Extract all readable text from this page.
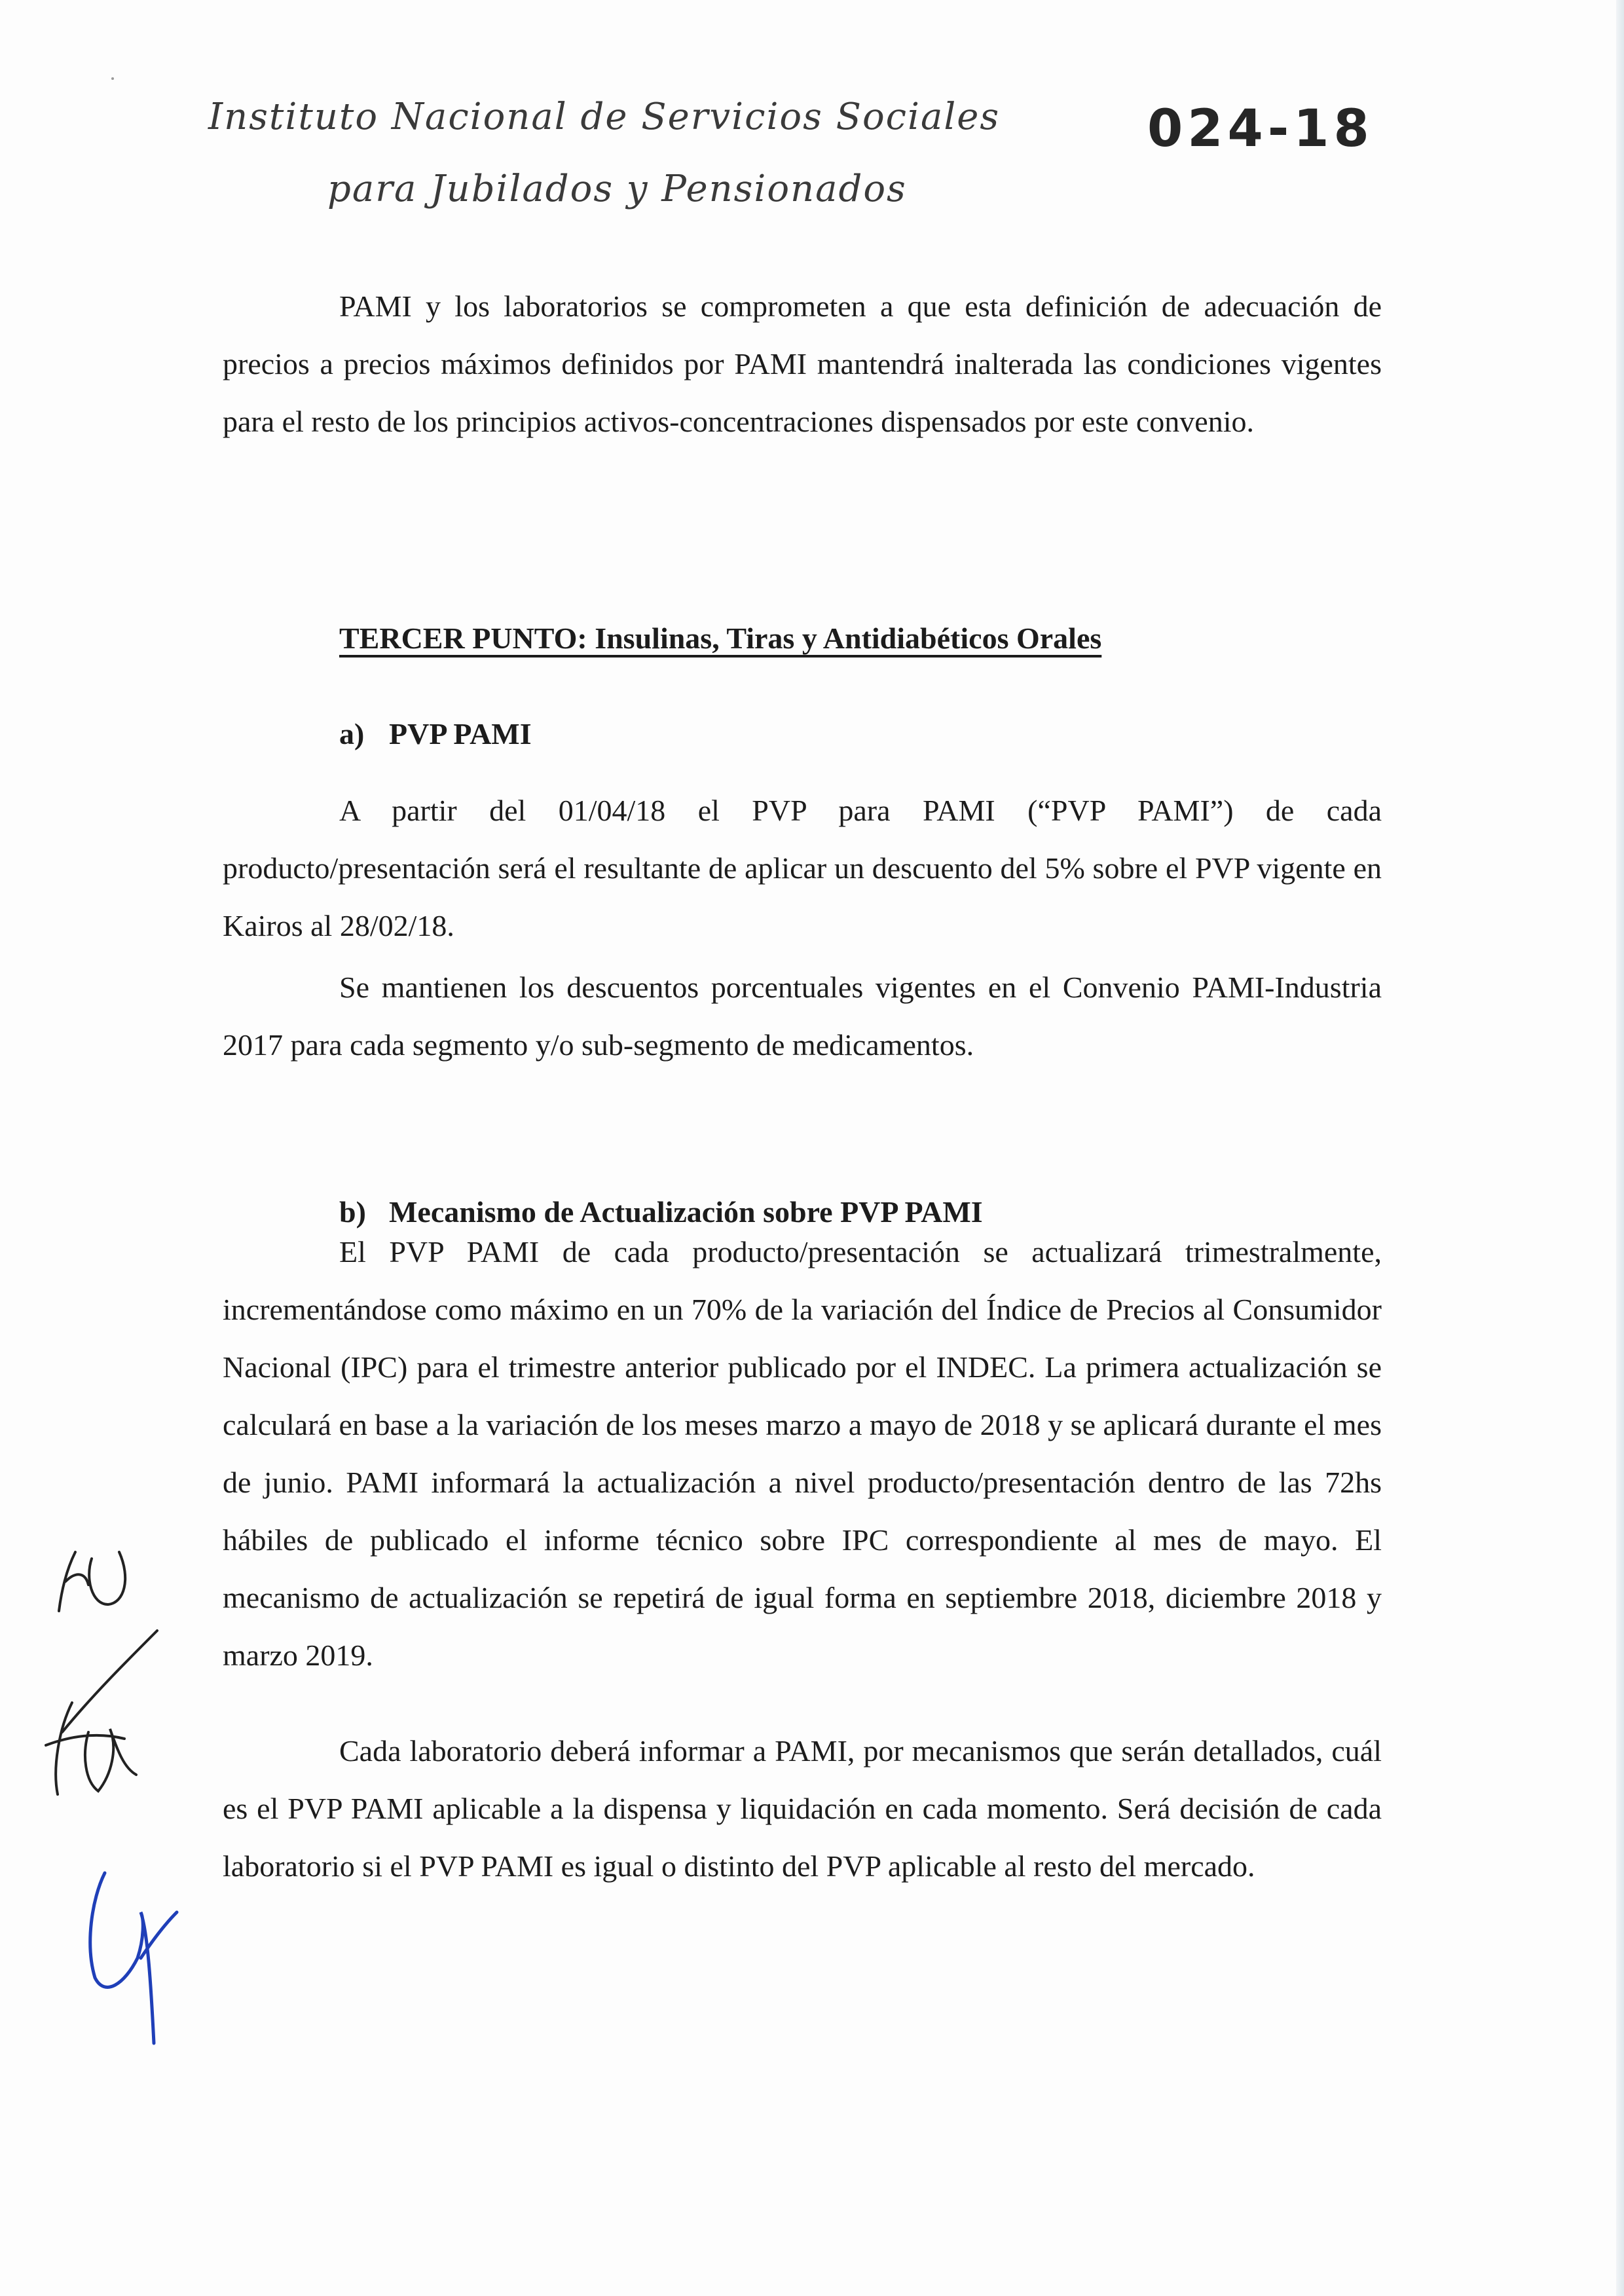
Instituto Nacional de Servicios Sociales
para Jubilados y Pensionados
024-18

PAMI y los laboratorios se comprometen a que esta definición de adecuación de precios a precios máximos definidos por PAMI mantendrá inalterada las condiciones vigentes para el resto de los principios activos-concentraciones dispensados por este convenio.

TERCER PUNTO: Insulinas, Tiras y Antidiabéticos Orales

a) PVP PAMI

A partir del 01/04/18 el PVP para PAMI (“PVP PAMI”) de cada producto/presentación será el resultante de aplicar un descuento del 5% sobre el PVP vigente en Kairos al 28/02/18.

Se mantienen los descuentos porcentuales vigentes en el Convenio PAMI-Industria 2017 para cada segmento y/o sub-segmento de medicamentos.

b) Mecanismo de Actualización sobre PVP PAMI

El PVP PAMI de cada producto/presentación se actualizará trimestralmente, incrementándose como máximo en un 70% de la variación del Índice de Precios al Consumidor Nacional (IPC) para el trimestre anterior publicado por el INDEC. La primera actualización se calculará en base a la variación de los meses marzo a mayo de 2018 y se aplicará durante el mes de junio. PAMI informará la actualización a nivel producto/presentación dentro de las 72hs hábiles de publicado el informe técnico sobre IPC correspondiente al mes de mayo. El mecanismo de actualización se repetirá de igual forma en septiembre 2018, diciembre 2018 y marzo 2019.

Cada laboratorio deberá informar a PAMI, por mecanismos que serán detallados, cuál es el PVP PAMI aplicable a la dispensa y liquidación en cada momento. Será decisión de cada laboratorio si el PVP PAMI es igual o distinto del PVP aplicable al resto del mercado.
